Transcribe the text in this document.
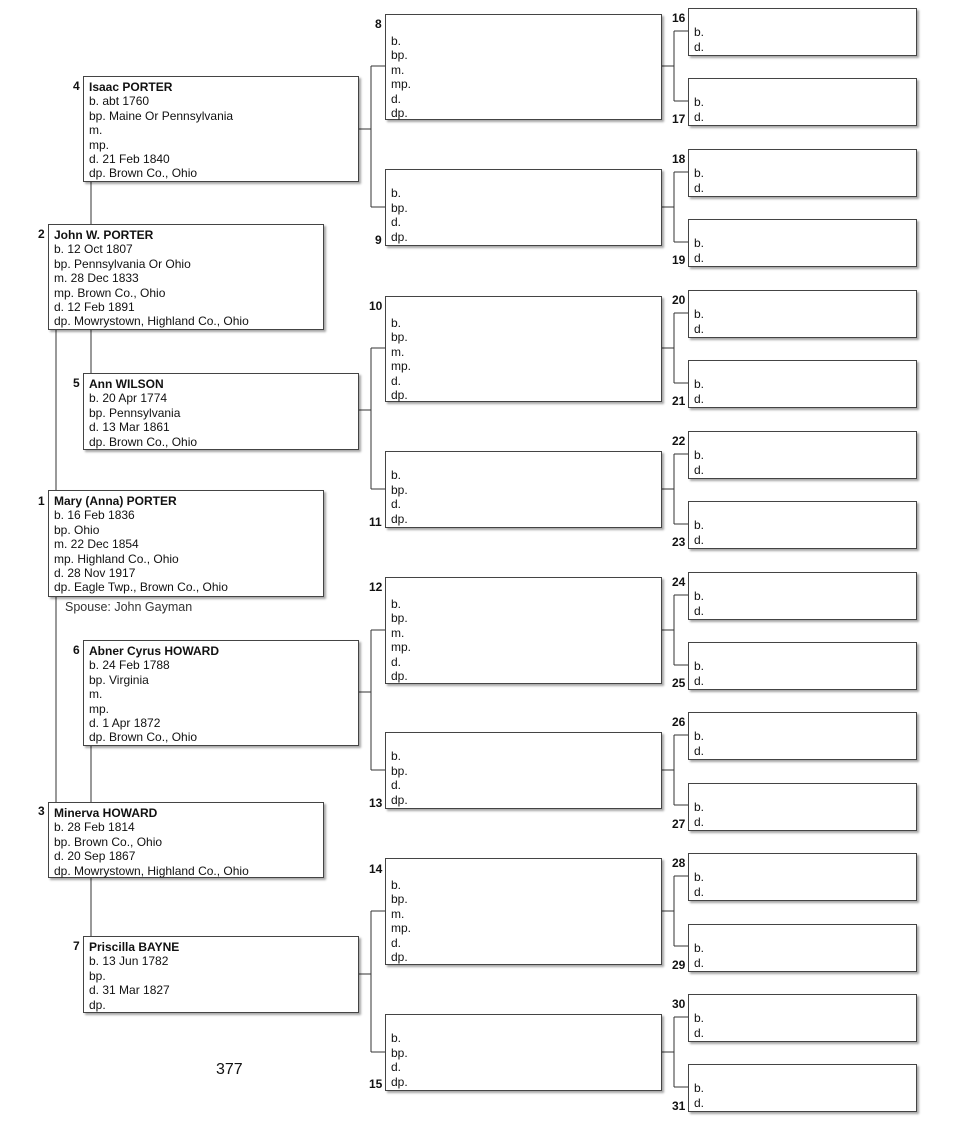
1 Mary (Anna) PORTER
b. 16 Feb 1836
bp. Ohio
m. 22 Dec 1854
mp. Highland Co., Ohio
d. 28 Nov 1917
dp. Eagle Twp., Brown Co., Ohio
Spouse: John Gayman
2 John W. PORTER
b. 12 Oct 1807
bp. Pennsylvania Or Ohio
m. 28 Dec 1833
mp. Brown Co., Ohio
d. 12 Feb 1891
dp. Mowrystown, Highland Co., Ohio
3 Minerva HOWARD
b. 28 Feb 1814
bp. Brown Co., Ohio
d. 20 Sep 1867
dp. Mowrystown, Highland Co., Ohio
4 Isaac PORTER
b. abt 1760
bp. Maine Or Pennsylvania
m.
mp.
d. 21 Feb 1840
dp. Brown Co., Ohio
5 Ann WILSON
b. 20 Apr 1774
bp. Pennsylvania
d. 13 Mar 1861
dp. Brown Co., Ohio
6 Abner Cyrus HOWARD
b. 24 Feb 1788
bp. Virginia
m.
mp.
d. 1 Apr 1872
dp. Brown Co., Ohio
7 Priscilla BAYNE
b. 13 Jun 1782
bp.
d. 31 Mar 1827
dp.
8
b.
bp.
m.
mp.
d.
dp.
9
b.
bp.
d.
dp.
10
b.
bp.
m.
mp.
d.
dp.
11
b.
bp.
d.
dp.
12
b.
bp.
m.
mp.
d.
dp.
13
b.
bp.
d.
dp.
14
b.
bp.
m.
mp.
d.
dp.
15
b.
bp.
d.
dp.
16
b.
d.
17
b.
d.
18
b.
d.
19
b.
d.
20
b.
d.
21
b.
d.
22
b.
d.
23
b.
d.
24
b.
d.
25
b.
d.
26
b.
d.
27
b.
d.
28
b.
d.
29
b.
d.
30
b.
d.
31
b.
d.
377
